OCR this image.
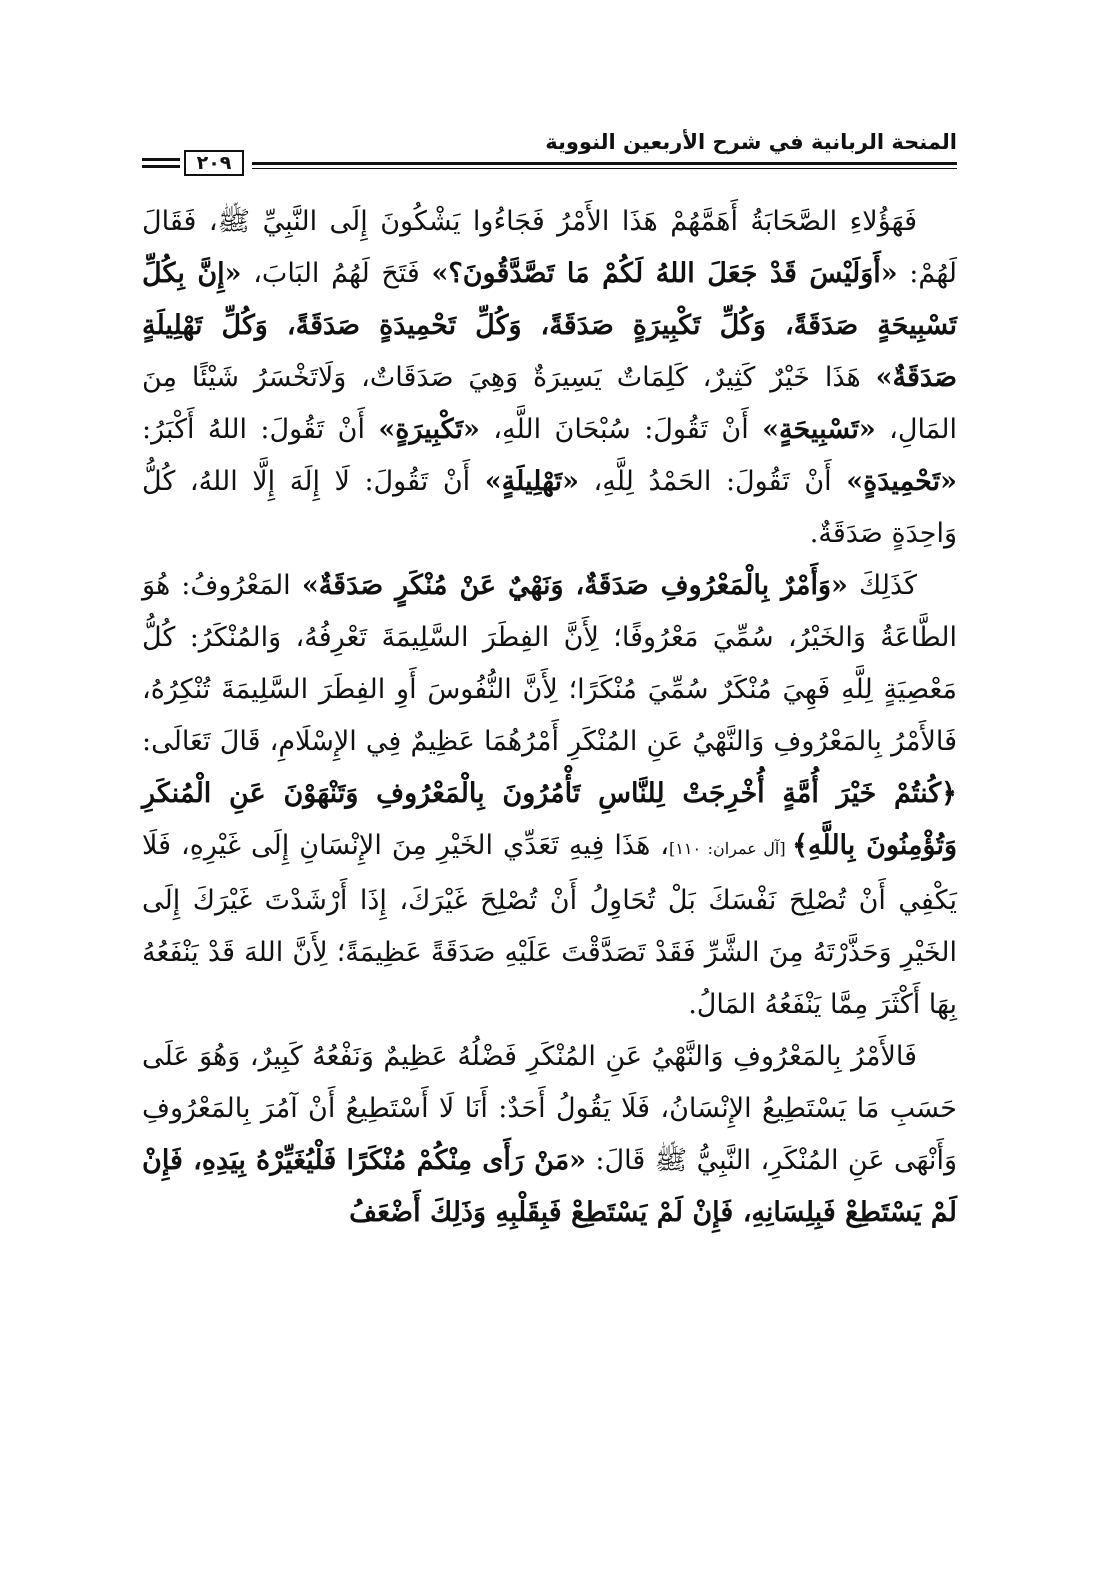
المنحة الربانية في شرح الأربعين النووية
٢٠٩

فَهَؤُلاءِ الصَّحَابَةُ أَهَمَّهُمْ هَذَا الأَمْرُ فَجَاءُوا يَشْكُونَ إِلَى النَّبِيِّ ﷺ، فَقَالَ لَهُمْ: «أَوَلَيْسَ قَدْ جَعَلَ اللهُ لَكُمْ مَا تَصَّدَّقُونَ؟» فَتَحَ لَهُمُ البَابَ، «إِنَّ بِكُلِّ تَسْبِيحَةٍ صَدَقَةً، وَكُلِّ تَكْبِيرَةٍ صَدَقَةً، وَكُلِّ تَحْمِيدَةٍ صَدَقَةً، وَكُلِّ تَهْلِيلَةٍ صَدَقَةٌ» هَذَا خَيْرٌ كَثِيرٌ، كَلِمَاتٌ يَسِيرَةٌ وَهِيَ صَدَقَاتٌ، وَلَاتَخْسَرُ شَيْئًا مِنَ المَالِ، «تَسْبِيحَةٍ» أَنْ تَقُولَ: سُبْحَانَ اللَّهِ، «تَكْبِيرَةٍ» أَنْ تَقُولَ: اللهُ أَكْبَرُ: «تَحْمِيدَةٍ» أَنْ تَقُولَ: الحَمْدُ لِلَّهِ، «تَهْلِيلَةٍ» أَنْ تَقُولَ: لَا إِلَهَ إِلَّا اللهُ، كُلُّ وَاحِدَةٍ صَدَقَةٌ.

كَذَلِكَ «وَأَمْرٌ بِالْمَعْرُوفِ صَدَقَةٌ، وَنَهْيٌ عَنْ مُنْكَرٍ صَدَقَةٌ» المَعْرُوفُ: هُوَ الطَّاعَةُ وَالخَيْرُ، سُمِّيَ مَعْرُوفًا؛ لِأَنَّ الفِطَرَ السَّلِيمَةَ تَعْرِفُهُ، وَالمُنْكَرُ: كُلُّ مَعْصِيَةٍ لِلَّهِ فَهِيَ مُنْكَرٌ سُمِّيَ مُنْكَرًا؛ لِأَنَّ النُّفُوسَ أَوِ الفِطَرَ السَّلِيمَةَ تُنْكِرُهُ، فَالأَمْرُ بِالمَعْرُوفِ وَالنَّهْيُ عَنِ المُنْكَرِ أَمْرُهُمَا عَظِيمٌ فِي الإِسْلَامِ، قَالَ تَعَالَى: ﴿كُنتُمْ خَيْرَ أُمَّةٍ أُخْرِجَتْ لِلنَّاسِ تَأْمُرُونَ بِالْمَعْرُوفِ وَتَنْهَوْنَ عَنِ الْمُنكَرِ وَتُؤْمِنُونَ بِاللَّهِ﴾ [آل عمران: ١١٠]، هَذَا فِيهِ تَعَدِّي الخَيْرِ مِنَ الإِنْسَانِ إِلَى غَيْرِهِ، فَلَا يَكْفِي أَنْ تُصْلِحَ نَفْسَكَ بَلْ تُحَاوِلُ أَنْ تُصْلِحَ غَيْرَكَ، إِذَا أَرْشَدْتَ غَيْرَكَ إِلَى الخَيْرِ وَحَذَّرْتَهُ مِنَ الشَّرِّ فَقَدْ تَصَدَّقْتَ عَلَيْهِ صَدَقَةً عَظِيمَةً؛ لِأَنَّ اللهَ قَدْ يَنْفَعُهُ بِهَا أَكْثَرَ مِمَّا يَنْفَعُهُ المَالُ.

فَالأَمْرُ بِالمَعْرُوفِ وَالنَّهْيُ عَنِ المُنْكَرِ فَضْلُهُ عَظِيمٌ وَنَفْعُهُ كَبِيرٌ، وَهُوَ عَلَى حَسَبِ مَا يَسْتَطِيعُ الإِنْسَانُ، فَلَا يَقُولُ أَحَدٌ: أَنَا لَا أَسْتَطِيعُ أَنْ آمُرَ بِالمَعْرُوفِ وَأَنْهَى عَنِ المُنْكَرِ، النَّبِيُّ ﷺ قَالَ: «مَنْ رَأَى مِنْكُمْ مُنْكَرًا فَلْيُغَيِّرْهُ بِيَدِهِ، فَإِنْ لَمْ يَسْتَطِعْ فَبِلِسَانِهِ، فَإِنْ لَمْ يَسْتَطِعْ فَبِقَلْبِهِ وَذَلِكَ أَضْعَفُ
